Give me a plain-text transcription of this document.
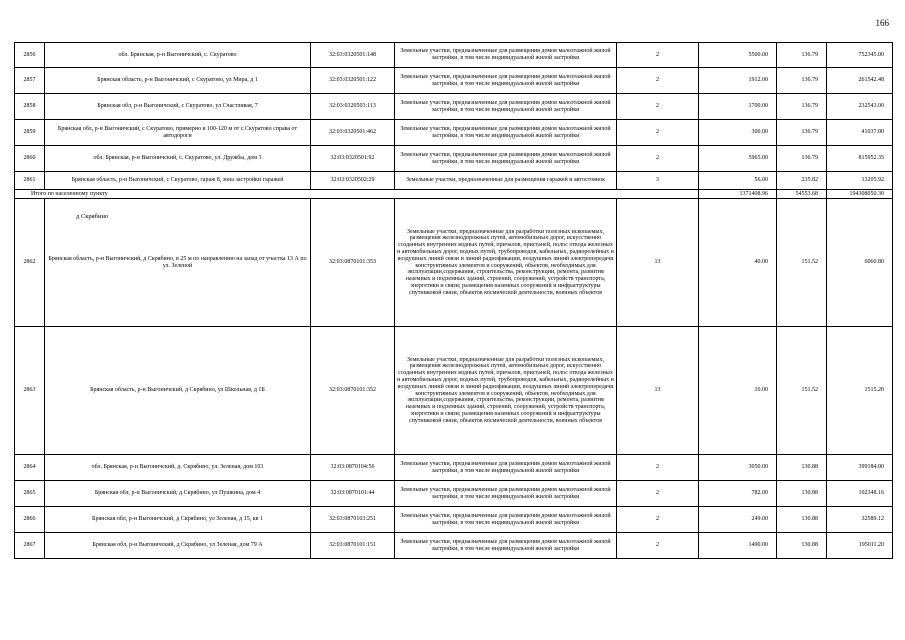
166
2856	обл. Брянская, р-н Выгоничский, с. Скуратово	32:03:0320501:148	Земельные участки, предназначенные для размещения домов малоэтажной жилой застройки, в том числе индивидуальной жилой застройки	2	5500.00	136.79	752345.00
2857	Брянская область, р-н Выгоничский, с Скуратово, ул Мира, д 1	32:03:0320501:122	Земельные участки, предназначенные для размещения домов малоэтажной жилой застройки, в том числе индивидуальной жилой застройки	2	1912.00	136.79	261542.48
2858	Брянская обл, р-н Выгоничский, с Скуратово, ул Счастливая, 7	32:03:0320503:113	Земельные участки, предназначенные для размещения домов малоэтажной жилой застройки, в том числе индивидуальной жилой застройки	2	1700.00	136.79	232543.00
2859	Брянская обл, р-н Выгоничский, с Скуратово, примерно в 100-120 м от с.Скуратово справа от автодороги	32:03:0320501:462	Земельные участки, предназначенные для размещения домов малоэтажной жилой застройки, в том числе индивидуальной жилой застройки	2	300.00	136.79	41037.00
2860	обл. Брянская, р-н Выгоничский, с. Скуратово, ул. Дружбы, дом 3	32:03:0320501:92	Земельные участки, предназначенные для размещения домов малоэтажной жилой застройки, в том числе индивидуальной жилой застройки	2	5965.00	136.79	815952.35
2861	Брянская область, р-н Выгоничский, с Скуратово, гараж 8, зона застройки гаражей	32:03:0320502:29	Земельные участки, предназначенные для размещения гаражей и автостоянок	3	56.00	235.82	13205.92
Итого по населенному пункту					1371408.96	54553.68	194308050.30
2862	Брянская область, р-н Выгоничский, д Скрябино, в 25 м по направлению на запад от участка 13 А по ул. Зеленой	32:03:0870101:353	Земельные участки, предназначенные для разработки полезных ископаемых, размещения железнодорожных путей, автомобильных дорог, искусственно созданных внутренних водных путей, причалов, пристаней, полос отвода железных и автомобильных дорог, водных путей, трубопроводов, кабельных, радиорелейных и воздушных линий связи и линий радиофикации, воздушных линий электропередачи конструктивных элементов и сооружений, объектов, необходимых для эксплуатации,содержания, строительства, реконструкции, ремонта, развития наземных и подземных зданий, строений, сооружений, устройств транспорта, энергетики и связи; размещения наземных сооружений и инфраструктуры спутниковой связи, объектов космической деятельности, военных объектов	13	40.00	151.52	6060.80
2863	Брянская область, р-н Выгоничский, д Скрябино, ул Школьная, д 1Б	32:03:0870101:352	Земельные участки, предназначенные для разработки полезных ископаемых, размещения железнодорожных путей, автомобильных дорог, искусственно созданных внутренних водных путей, причалов, пристаней, полос отвода железных и автомобильных дорог, водных путей, трубопроводов, кабельных, радиорелейных и воздушных линий связи и линий радиофикации, воздушных линий электропередачи конструктивных элементов и сооружений, объектов, необходимых для эксплуатации,содержания, строительства, реконструкции, ремонта, развития наземных и подземных зданий, строений, сооружений, устройств транспорта, энергетики и связи; размещения наземных сооружений и инфраструктуры спутниковой связи, объектов космической деятельности, военных объектов	13	10.00	151.52	1515.20
2864	обл. Брянская, р-н Выгоничский, д. Скрябино, ул. Зеленая, дом 103	32:03:0870104:56	Земельные участки, предназначенные для размещения домов малоэтажной жилой застройки, в том числе индивидуальной жилой застройки	2	3050.00	130.88	399184.00
2865	Брянская обл, р-н Выгоничский, д Скрябино, ул Пушкина, дом 4	32:03:0870101:44	Земельные участки, предназначенные для размещения домов малоэтажной жилой застройки, в том числе индивидуальной жилой застройки	2	782.00	130.88	102348.16
2866	Брянская обл, р-н Выгоничский, д Скрябино, ул Зеленая, д 15, кв 1	32:03:0870103:251	Земельные участки, предназначенные для размещения домов малоэтажной жилой застройки, в том числе индивидуальной жилой застройки	2	249.00	130.88	32589.12
2867	Брянская обл, р-н Выгоничский, д Скрябино, ул Зеленая, дом 79 А	32:03:0870101:151	Земельные участки, предназначенные для размещения домов малоэтажной жилой застройки, в том числе индивидуальной жилой застройки	2	1490.00	130.88	195011.20
д Скрябино
